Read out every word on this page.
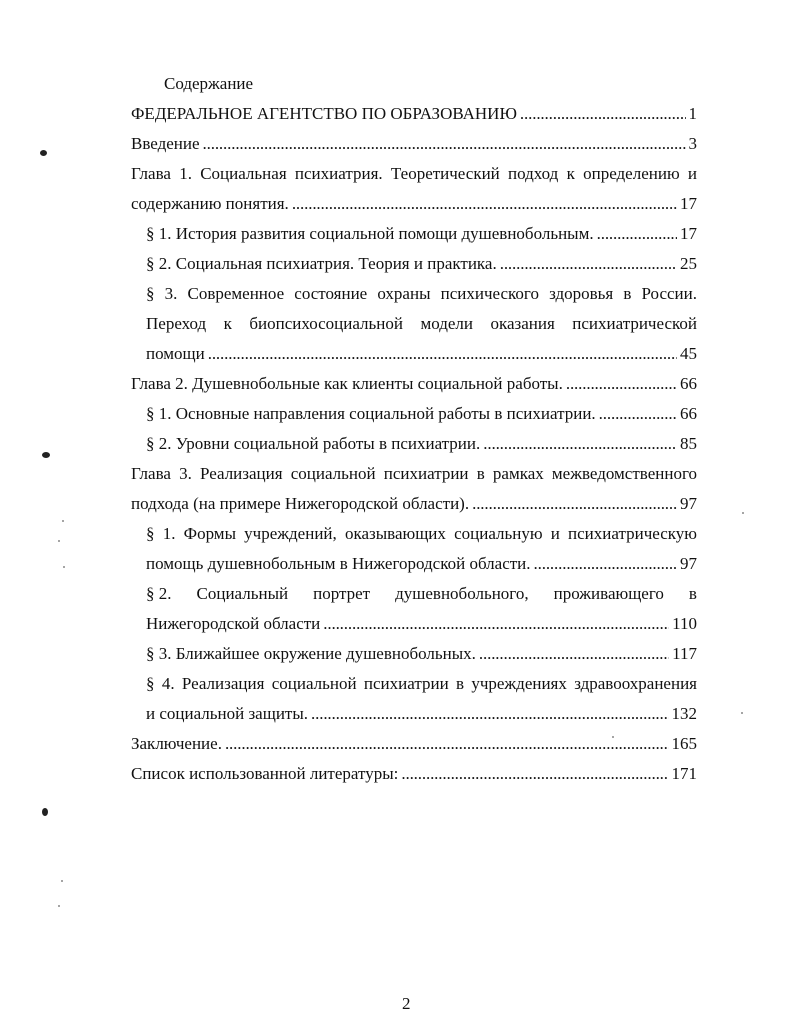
Содержание
ФЕДЕРАЛЬНОЕ АГЕНТСТВО ПО ОБРАЗОВАНИЮ . . .	1
Введение . . .	3
Глава 1. Социальная психиатрия. Теоретический подход к определению и
содержанию понятия. . . .	17
§ 1. История развития социальной помощи душевнобольным. . . .	17
§ 2. Социальная психиатрия. Теория и практика. . . .	25
§ 3. Современное состояние охраны психического здоровья в России.
Переход к биопсихосоциальной модели оказания психиатрической
помощи . . .	45
Глава 2. Душевнобольные как клиенты социальной работы. . . .	66
§ 1. Основные направления социальной работы в психиатрии. . . .	66
§ 2. Уровни социальной работы в психиатрии. . . .	85
Глава 3. Реализация социальной психиатрии в рамках межведомственного
подхода (на примере Нижегородской области). . . .	97
§ 1. Формы учреждений, оказывающих социальную и психиатрическую
помощь душевнобольным в Нижегородской области. . . .	97
§ 2. Социальный портрет душевнобольного, проживающего в
Нижегородской области . . .	110
§ 3. Ближайшее окружение душевнобольных. . . .	117
§ 4. Реализация социальной психиатрии в учреждениях здравоохранения
и социальной защиты. . . .	132
Заключение. . . .	165
Список использованной литературы: . . .	171
2
